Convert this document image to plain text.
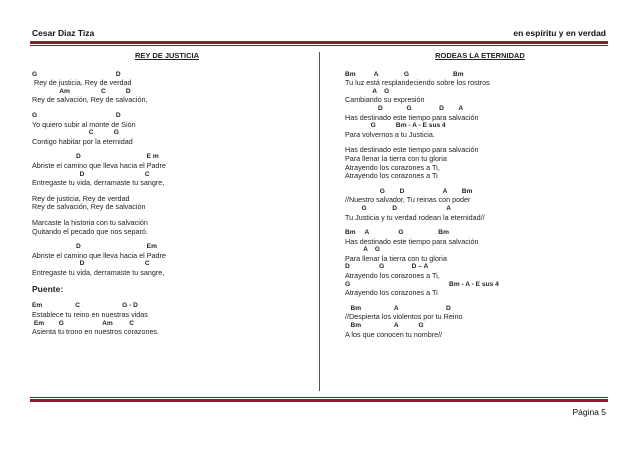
Cesar Diaz Tiza	en espíritu y en verdad
REY DE JUSTICIA
G                                           D
Rey de justicia, Rey de verdad
Am                 C           D
Rey de salvación, Rey de salvación,
G                                           D
Yo quiero subir al monte de Sión
C           G
Contigo habitar por la eternidad
D                                    E m
Abriste el camino que lleva hacia el Padre
D                                 C
Entregaste tu vida, derramaste tu sangre,
Rey de justicia, Rey de verdad
Rey de salvación, Rey de salvación
Marcaste la historia con tu salvación
Quitando el pecado que nos separó.
D                                    Em
Abriste el camino que lleva hacia el Padre
D                                 C
Entregaste tu vida, derramaste tu sangre,
Puente:
Em                  C                       G - D
Establece tu reino en nuestras vidas
Em        G                     Am         C
Asienta tu trono en nuestros corazones.
RODEAS LA ETERNIDAD
Bm          A              G                        Bm
Tu luz está resplandeciendo sobre los rostros
A    G
Cambiando su expresión
D             G               D        A
Has destinado este tiempo para salvación
G           Bm - A - E sus 4
Para volvernos a tu Justicia.
Has destinado este tiempo para salvación
Para llenar la tierra con tu gloria
Atrayendo los corazones a Ti,
Atrayendo los corazones a Ti
G        D                     A        Bm
//Nuestro salvador, Tu reinas con poder
G              D                           A
Tu Justicia y tu verdad rodean la eternidad//
Bm     A                G                   Bm
Has destinado este tiempo para salvación
A    G
Para llenar la tierra con tu gloria
D                G               D – A
Atrayendo los corazones a Ti,
G                                                      Bm - A - E sus 4
Atrayendo los corazones a Ti
Bm                  A                          D
//Despierta los violentos por tu Reino
Bm                  A           G
A los que conocen tu nombre//
Página 5
